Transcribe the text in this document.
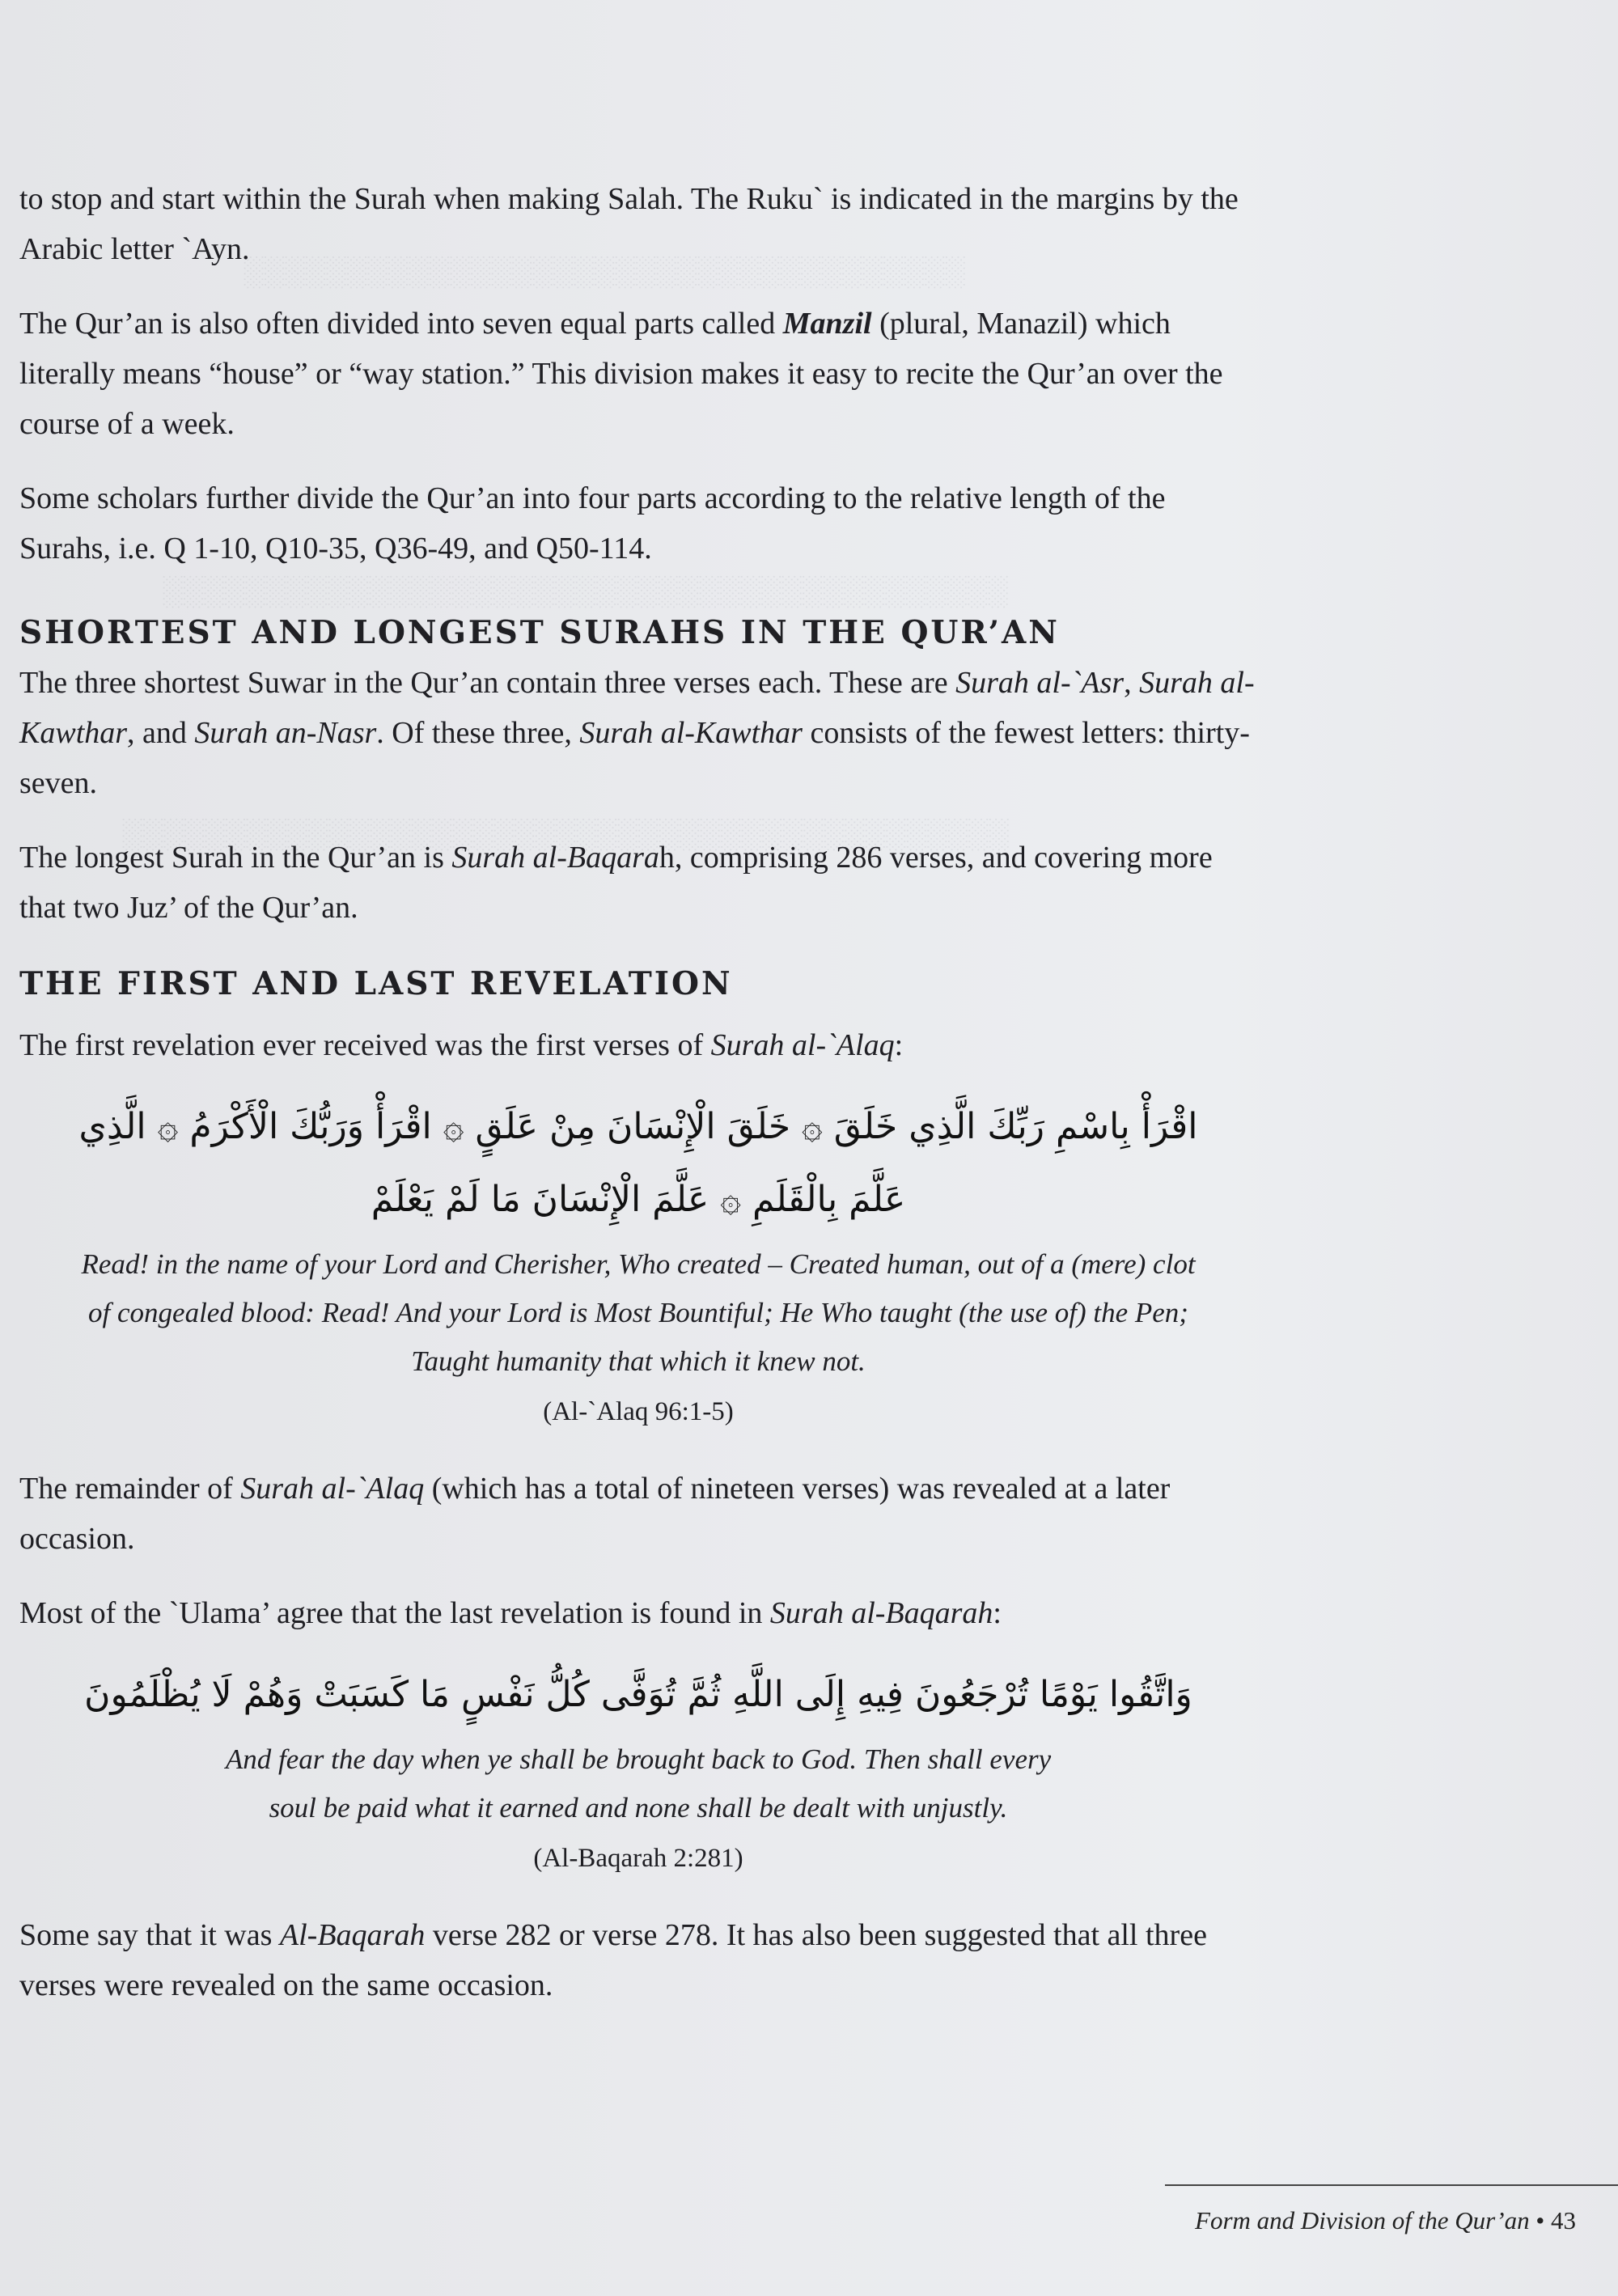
░░░░░░░░░░░░░░░░░░░░░░░░░░░░░░░░░░░
░░░░░░░░░░░░░░░░░░░░░░░░░░░░░░░░░░░░░░░░░
░░░░░░░░░░░░░░░░░░░░░░░░░░░░░░░░░░░░░░░░░░░

to stop and start within the Surah when making Salah. The Ruku` is indicated in the margins by the Arabic letter `Ayn.

The Qur’an is also often divided into seven equal parts called Manzil (plural, Manazil) which literally means “house” or “way station.” This division makes it easy to recite the Qur’an over the course of a week.

Some scholars further divide the Qur’an into four parts according to the relative length of the Surahs, i.e. Q 1-10, Q10-35, Q36-49, and Q50-114.

SHORTEST AND LONGEST SURAHS IN THE QUR’AN

The three shortest Suwar in the Qur’an contain three verses each. These are Surah al-`Asr, Surah al-Kawthar, and Surah an-Nasr. Of these three, Surah al-Kawthar consists of the fewest letters: thirty-seven.

The longest Surah in the Qur’an is Surah al-Baqarah, comprising 286 verses, and covering more that two Juz’ of the Qur’an.

THE FIRST AND LAST REVELATION

The first revelation ever received was the first verses of Surah al-`Alaq:

اقْرَأْ بِاسْمِ رَبِّكَ الَّذِي خَلَقَ ۞ خَلَقَ الْإِنْسَانَ مِنْ عَلَقٍ ۞ اقْرَأْ وَرَبُّكَ الْأَكْرَمُ ۞ الَّذِي
عَلَّمَ بِالْقَلَمِ ۞ عَلَّمَ الْإِنْسَانَ مَا لَمْ يَعْلَمْ
Read! in the name of your Lord and Cherisher, Who created – Created human, out of a (mere) clot of congealed blood: Read! And your Lord is Most Bountiful; He Who taught (the use of) the Pen; Taught humanity that which it knew not.
(Al-`Alaq 96:1-5)

The remainder of Surah al-`Alaq (which has a total of nineteen verses) was revealed at a later occasion.

Most of the `Ulama’ agree that the last revelation is found in Surah al-Baqarah:

وَاتَّقُوا يَوْمًا تُرْجَعُونَ فِيهِ إِلَى اللَّهِ ثُمَّ تُوَفَّى كُلُّ نَفْسٍ مَا كَسَبَتْ وَهُمْ لَا يُظْلَمُونَ
And fear the day when ye shall be brought back to God. Then shall every soul be paid what it earned and none shall be dealt with unjustly.
(Al-Baqarah 2:281)

Some say that it was Al-Baqarah verse 282 or verse 278. It has also been suggested that all three verses were revealed on the same occasion.

Form and Division of the Qur’an • 43
